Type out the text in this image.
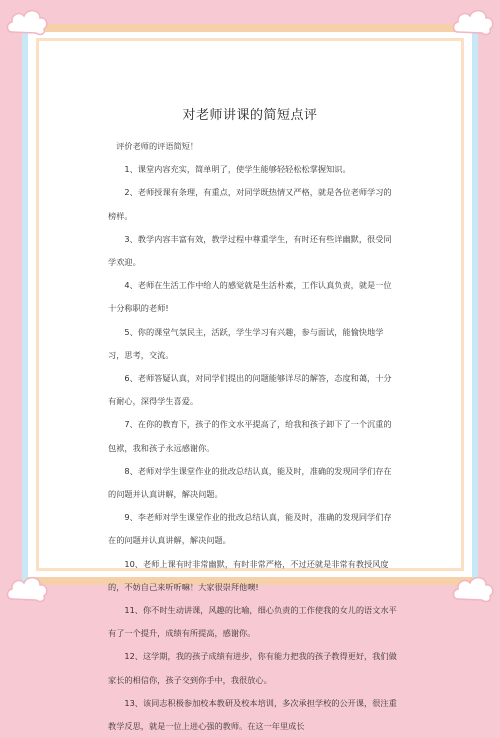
对老师讲课的简短点评

评价老师的评语简短！

1、课堂内容充实，简单明了，使学生能够轻轻松松掌握知识。

2、老师授课有条理，有重点，对同学既热情又严格，就是各位老师学习的榜样。

3、教学内容丰富有效，教学过程中尊重学生，有时还有些详幽默，很受同学欢迎。

4、老师在生活工作中给人的感觉就是生活朴素，工作认真负责，就是一位十分称职的老师!

5、你的课堂气氛民主，活跃，学生学习有兴趣，参与面试，能愉快地学习，思考，交流。

6、老师答疑认真，对同学们提出的问题能够详尽的解答，态度和蔼，十分有耐心，深得学生喜爱。

7、在你的教育下，孩子的作文水平提高了，给我和孩子卸下了一个沉重的包袱，我和孩子永远感谢你。

8、老师对学生课堂作业的批改总结认真，能及时，准确的发现同学们存在的问题并认真讲解，解决问题。

9、李老师对学生课堂作业的批改总结认真，能及时，准确的发现同学们存在的问题并认真讲解，解决问题。

10、老师上课有时非常幽默，有时非常严格，不过还就是非常有教授风度的，不妨自己来听听嘛！大家很崇拜他噢!

11、你不时生动讲课，风趣的比喻，细心负责的工作使我的女儿的语文水平有了一个提升，成绩有所提高，感谢你。

12、这学期，我的孩子成绩有进步，你有能力把我的孩子教得更好，我们做家长的相信你，孩子交到你手中，我很放心。

13、该同志积极参加校本教研及校本培训，多次承担学校的公开课，很注重教学反思，就是一位上进心强的教师。在这一年里成长
